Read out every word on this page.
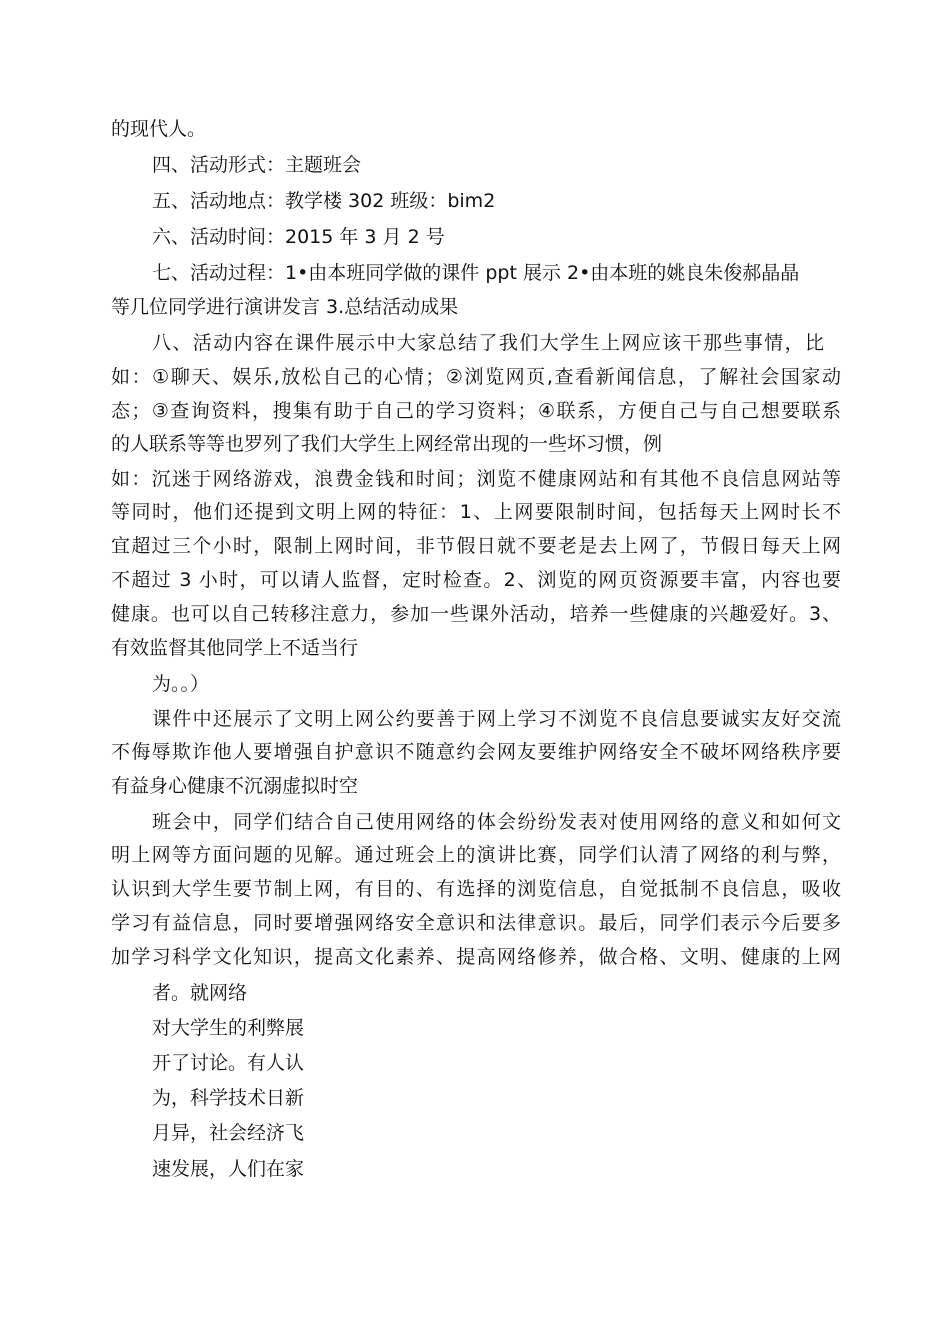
的现代人。
四、活动形式：主题班会
五、活动地点：教学楼 302 班级：bim2
六、活动时间：2015 年 3 月 2 号
七、活动过程：1•由本班同学做的课件 ppt 展示 2•由本班的姚良朱俊郝晶晶
等几位同学进行演讲发言 3.总结活动成果
八、活动内容在课件展示中大家总结了我们大学生上网应该干那些事情，比
如：①聊天、娱乐,放松自己的心情；②浏览网页,查看新闻信息，了解社会国家动
态；③查询资料，搜集有助于自己的学习资料；④联系，方便自己与自己想要联系
的人联系等等也罗列了我们大学生上网经常出现的一些坏习惯，例
如：沉迷于网络游戏，浪费金钱和时间；浏览不健康网站和有其他不良信息网站等
等同时，他们还提到文明上网的特征：1、上网要限制时间，包括每天上网时长不
宜超过三个小时，限制上网时间，非节假日就不要老是去上网了，节假日每天上网
不超过 3 小时，可以请人监督，定时检查。2、浏览的网页资源要丰富，内容也要
健康。也可以自己转移注意力，参加一些课外活动，培养一些健康的兴趣爱好。3、
有效监督其他同学上不适当行
为。。）
课件中还展示了文明上网公约要善于网上学习不浏览不良信息要诚实友好交流
不侮辱欺诈他人要增强自护意识不随意约会网友要维护网络安全不破坏网络秩序要
有益身心健康不沉溺虚拟时空
班会中，同学们结合自己使用网络的体会纷纷发表对使用网络的意义和如何文
明上网等方面问题的见解。通过班会上的演讲比赛，同学们认清了网络的利与弊，
认识到大学生要节制上网，有目的、有选择的浏览信息，自觉抵制不良信息，吸收
学习有益信息，同时要增强网络安全意识和法律意识。最后，同学们表示今后要多
加学习科学文化知识，提高文化素养、提高网络修养，做合格、文明、健康的上网
者。就网络
对大学生的利弊展
开了讨论。有人认
为，科学技术日新
月异，社会经济飞
速发展，人们在家
